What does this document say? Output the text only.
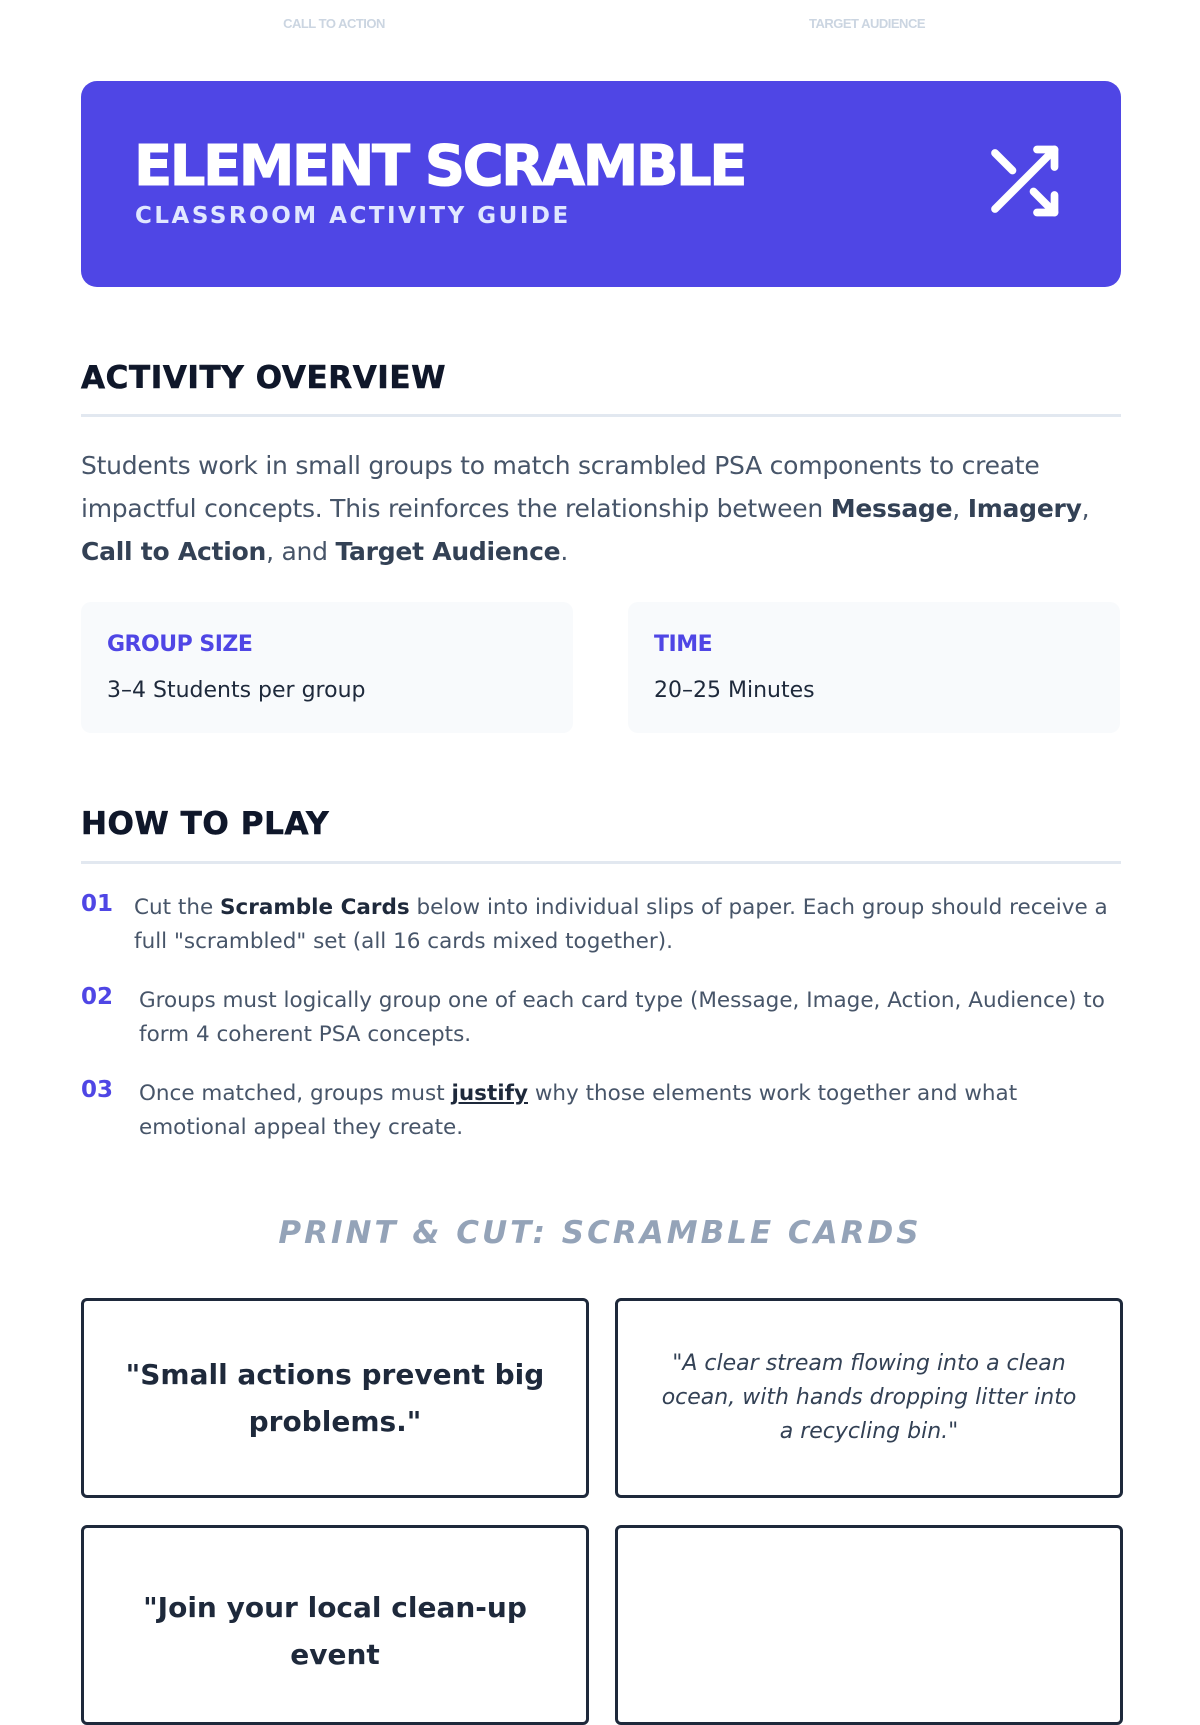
CALL TO ACTION	TARGET AUDIENCE
ELEMENT SCRAMBLE
CLASSROOM ACTIVITY GUIDE
ACTIVITY OVERVIEW
Students work in small groups to match scrambled PSA components to create impactful concepts. This reinforces the relationship between Message, Imagery, Call to Action, and Target Audience.
GROUP SIZE
3–4 Students per group
TIME
20–25 Minutes
HOW TO PLAY
01 Cut the Scramble Cards below into individual slips of paper. Each group should receive a full "scrambled" set (all 16 cards mixed together).
02 Groups must logically group one of each card type (Message, Image, Action, Audience) to form 4 coherent PSA concepts.
03 Once matched, groups must justify why those elements work together and what emotional appeal they create.
PRINT & CUT: SCRAMBLE CARDS
"Small actions prevent big problems."
"A clear stream flowing into a clean ocean, with hands dropping litter into a recycling bin."
"Join your local clean-up event
